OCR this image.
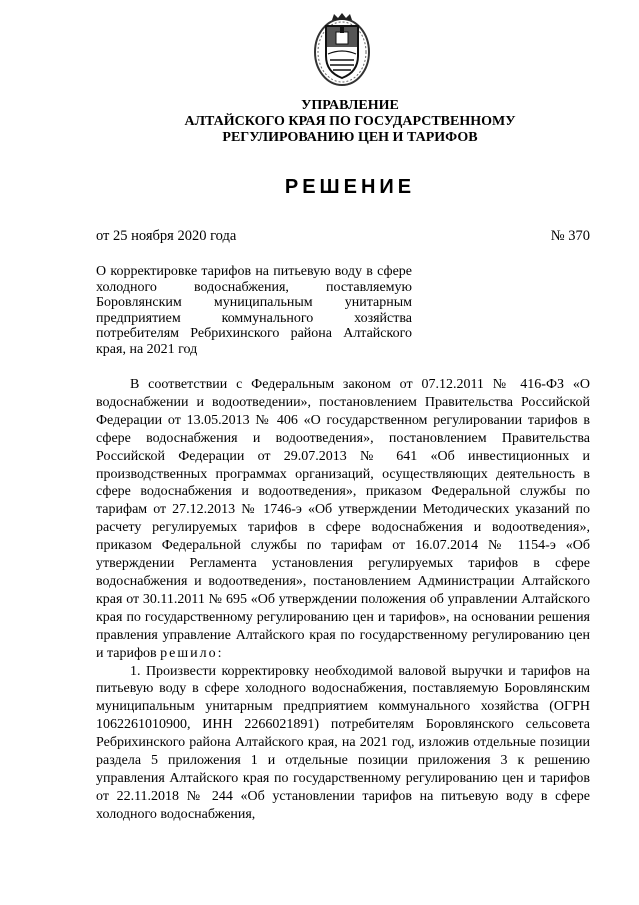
УПРАВЛЕНИЕ
АЛТАЙСКОГО КРАЯ ПО ГОСУДАРСТВЕННОМУ
РЕГУЛИРОВАНИЮ ЦЕН И ТАРИФОВ
РЕШЕНИЕ
от 25 ноября 2020 года	№ 370
О корректировке тарифов на питьевую воду в сфере холодного водоснабжения, поставляемую Боровлянским муниципальным унитарным предприятием коммунального хозяйства потребителям Ребрихинского района Алтайского края, на 2021 год

В соответствии с Федеральным законом от 07.12.2011 № 416-ФЗ «О водоснабжении и водоотведении», постановлением Правительства Российской Федерации от 13.05.2013 № 406 «О государственном регулировании тарифов в сфере водоснабжения и водоотведения», постановлением Правительства Российской Федерации от 29.07.2013 № 641 «Об инвестиционных и производственных программах организаций, осуществляющих деятельность в сфере водоснабжения и водоотведения», приказом Федеральной службы по тарифам от 27.12.2013 № 1746-э «Об утверждении Методических указаний по расчету регулируемых тарифов в сфере водоснабжения и водоотведения», приказом Федеральной службы по тарифам от 16.07.2014 № 1154-э «Об утверждении Регламента установления регулируемых тарифов в сфере водоснабжения и водоотведения», постановлением Администрации Алтайского края от 30.11.2011 № 695 «Об утверждении положения об управлении Алтайского края по государственному регулированию цен и тарифов», на основании решения правления управление Алтайского края по государственному регулированию цен и тарифов решило:

1. Произвести корректировку необходимой валовой выручки и тарифов на питьевую воду в сфере холодного водоснабжения, поставляемую Боровлянским муниципальным унитарным предприятием коммунального хозяйства (ОГРН 1062261010900, ИНН 2266021891) потребителям Боровлянского сельсовета Ребрихинского района Алтайского края, на 2021 год, изложив отдельные позиции раздела 5 приложения 1 и отдельные позиции приложения 3 к решению управления Алтайского края по государственному регулированию цен и тарифов от 22.11.2018 № 244 «Об установлении тарифов на питьевую воду в сфере холодного водоснабжения,
